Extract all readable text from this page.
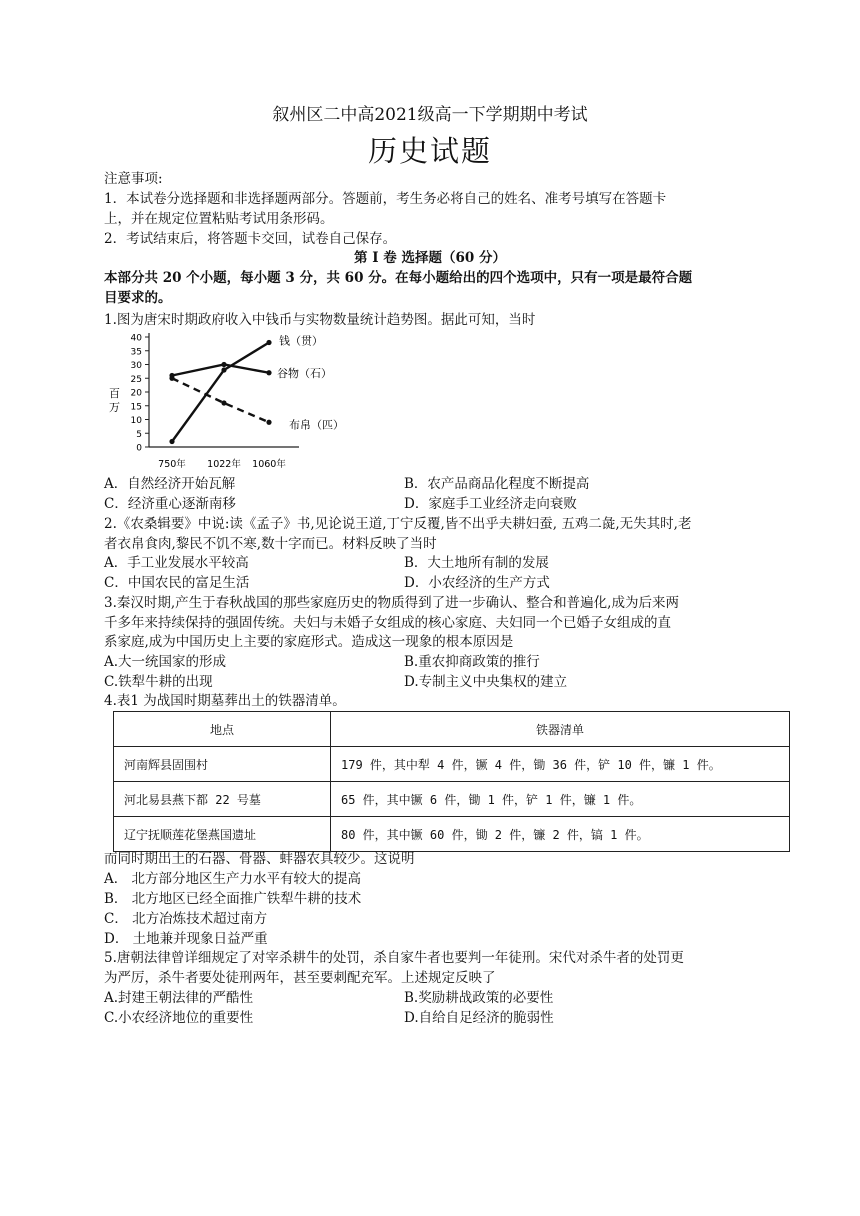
叙州区二中高2021级高一下学期期中考试
历史试题
注意事项:
1．本试卷分选择题和非选择题两部分。答题前，考生务必将自己的姓名、准考号填写在答题卡
上，并在规定位置粘贴考试用条形码。
2．考试结束后，将答题卡交回，试卷自己保存。
第 I 卷 选择题（60 分）
本部分共 20 个小题，每小题 3 分，共 60 分。在每小题给出的四个选项中，只有一项是最符合题
目要求的。
1.图为唐宋时期政府收入中钱币与实物数量统计趋势图。据此可知，当时
0
5
10
15
20
25
30
35
40
百
万
750年 1022年 1060年
钱（贯）
谷物（石）
布帛（匹）
A．自然经济开始瓦解	B．农产品商品化程度不断提高
C．经济重心逐渐南移	D．家庭手工业经济走向衰败
2.《农桑辑要》中说:读《孟子》书,见论说王道,丁宁反覆,皆不出乎夫耕妇蚕, 五鸡二彘,无失其时,老
者衣帛食肉,黎民不饥不寒,数十字而已。材料反映了当时
A．手工业发展水平较高	B．大土地所有制的发展
C．中国农民的富足生活	D．小农经济的生产方式
3.秦汉时期,产生于春秋战国的那些家庭历史的物质得到了进一步确认、整合和普遍化,成为后来两
千多年来持续保持的强固传统。夫妇与未婚子女组成的核心家庭、夫妇同一个已婚子女组成的直
系家庭,成为中国历史上主要的家庭形式。造成这一现象的根本原因是
A.大一统国家的形成	B.重农抑商政策的推行
C.铁犁牛耕的出现	D.专制主义中央集权的建立
4.表1 为战国时期墓葬出土的铁器清单。
地点	铁器清单
河南辉县固围村	179 件，其中犁 4 件，镢 4 件，锄 36 件，铲 10 件，镰 1 件。
河北易县燕下都 22 号墓	65 件，其中镢 6 件，锄 1 件，铲 1 件，镰 1 件。
辽宁抚顺莲花堡燕国遗址	80 件，其中镢 60 件，锄 2 件，镰 2 件，镐 1 件。
而同时期出土的石器、骨器、蚌器农具较少。这说明
A． 北方部分地区生产力水平有较大的提高
B． 北方地区已经全面推广铁犁牛耕的技术
C． 北方冶炼技术超过南方
D． 土地兼并现象日益严重
5.唐朝法律曾详细规定了对宰杀耕牛的处罚，杀自家牛者也要判一年徒刑。宋代对杀牛者的处罚更
为严厉，杀牛者要处徒刑两年，甚至要刺配充军。上述规定反映了
A.封建王朝法律的严酷性	B.奖励耕战政策的必要性
C.小农经济地位的重要性	D.自给自足经济的脆弱性
